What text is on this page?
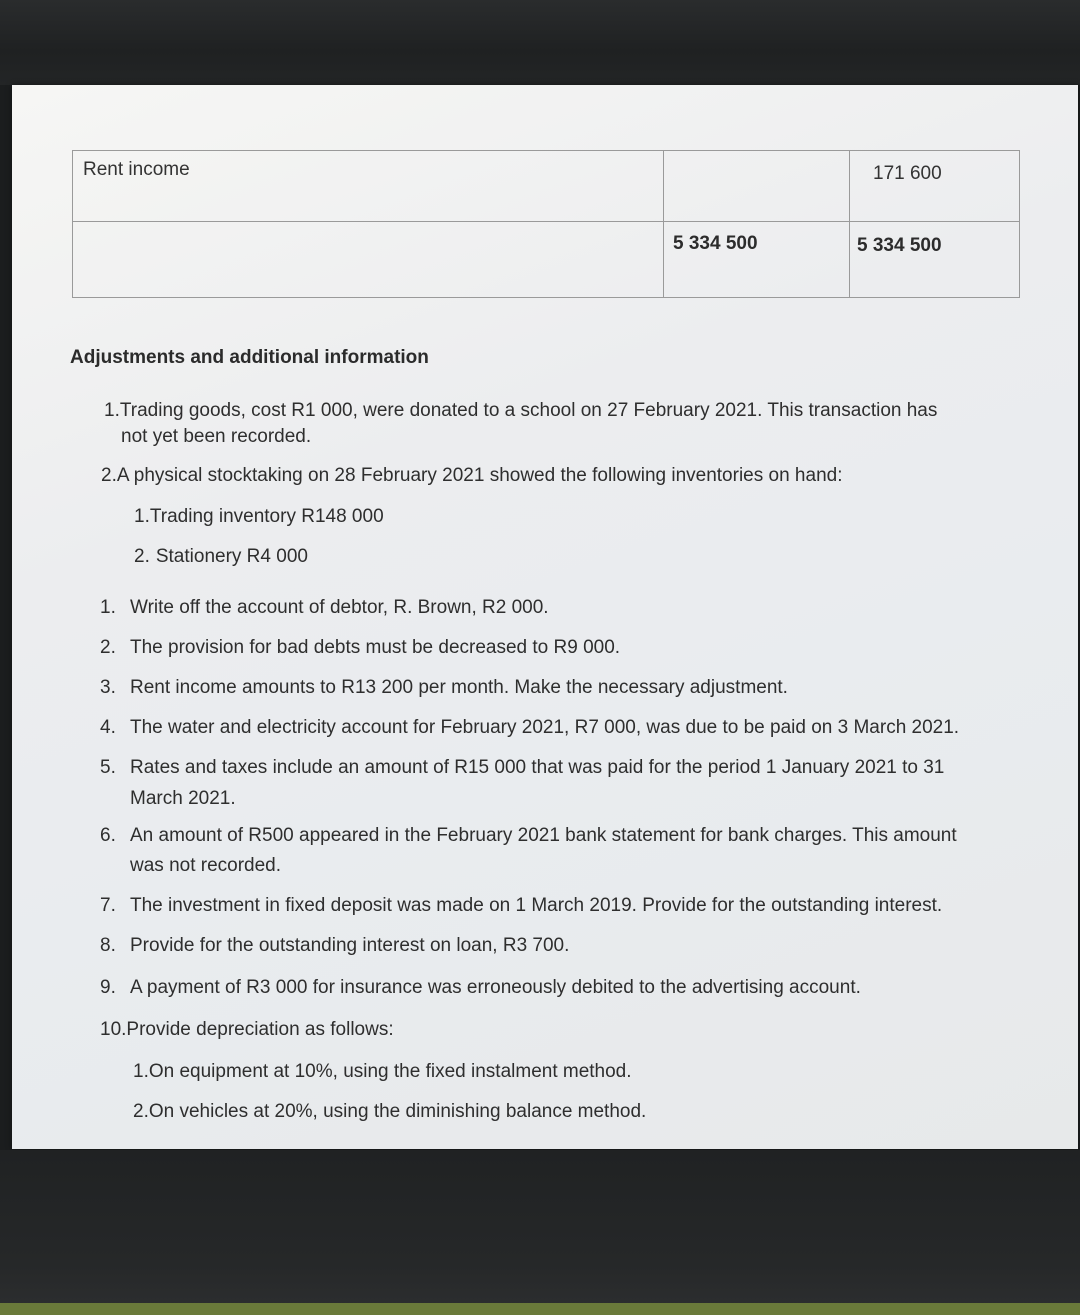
Rent income	171 600
5 334 500	5 334 500
Adjustments and additional information
1.Trading goods, cost R1 000, were donated to a school on 27 February 2021. This transaction has
not yet been recorded.
2.A physical stocktaking on 28 February 2021 showed the following inventories on hand:
1.Trading inventory R148 000
2. Stationery R4 000
1. Write off the account of debtor, R. Brown, R2 000.
2. The provision for bad debts must be decreased to R9 000.
3. Rent income amounts to R13 200 per month. Make the necessary adjustment.
4. The water and electricity account for February 2021, R7 000, was due to be paid on 3 March 2021.
5. Rates and taxes include an amount of R15 000 that was paid for the period 1 January 2021 to 31
March 2021.
6. An amount of R500 appeared in the February 2021 bank statement for bank charges. This amount
was not recorded.
7. The investment in fixed deposit was made on 1 March 2019. Provide for the outstanding interest.
8. Provide for the outstanding interest on loan, R3 700.
9. A payment of R3 000 for insurance was erroneously debited to the advertising account.
10.Provide depreciation as follows:
1.On equipment at 10%, using the fixed instalment method.
2.On vehicles at 20%, using the diminishing balance method.
